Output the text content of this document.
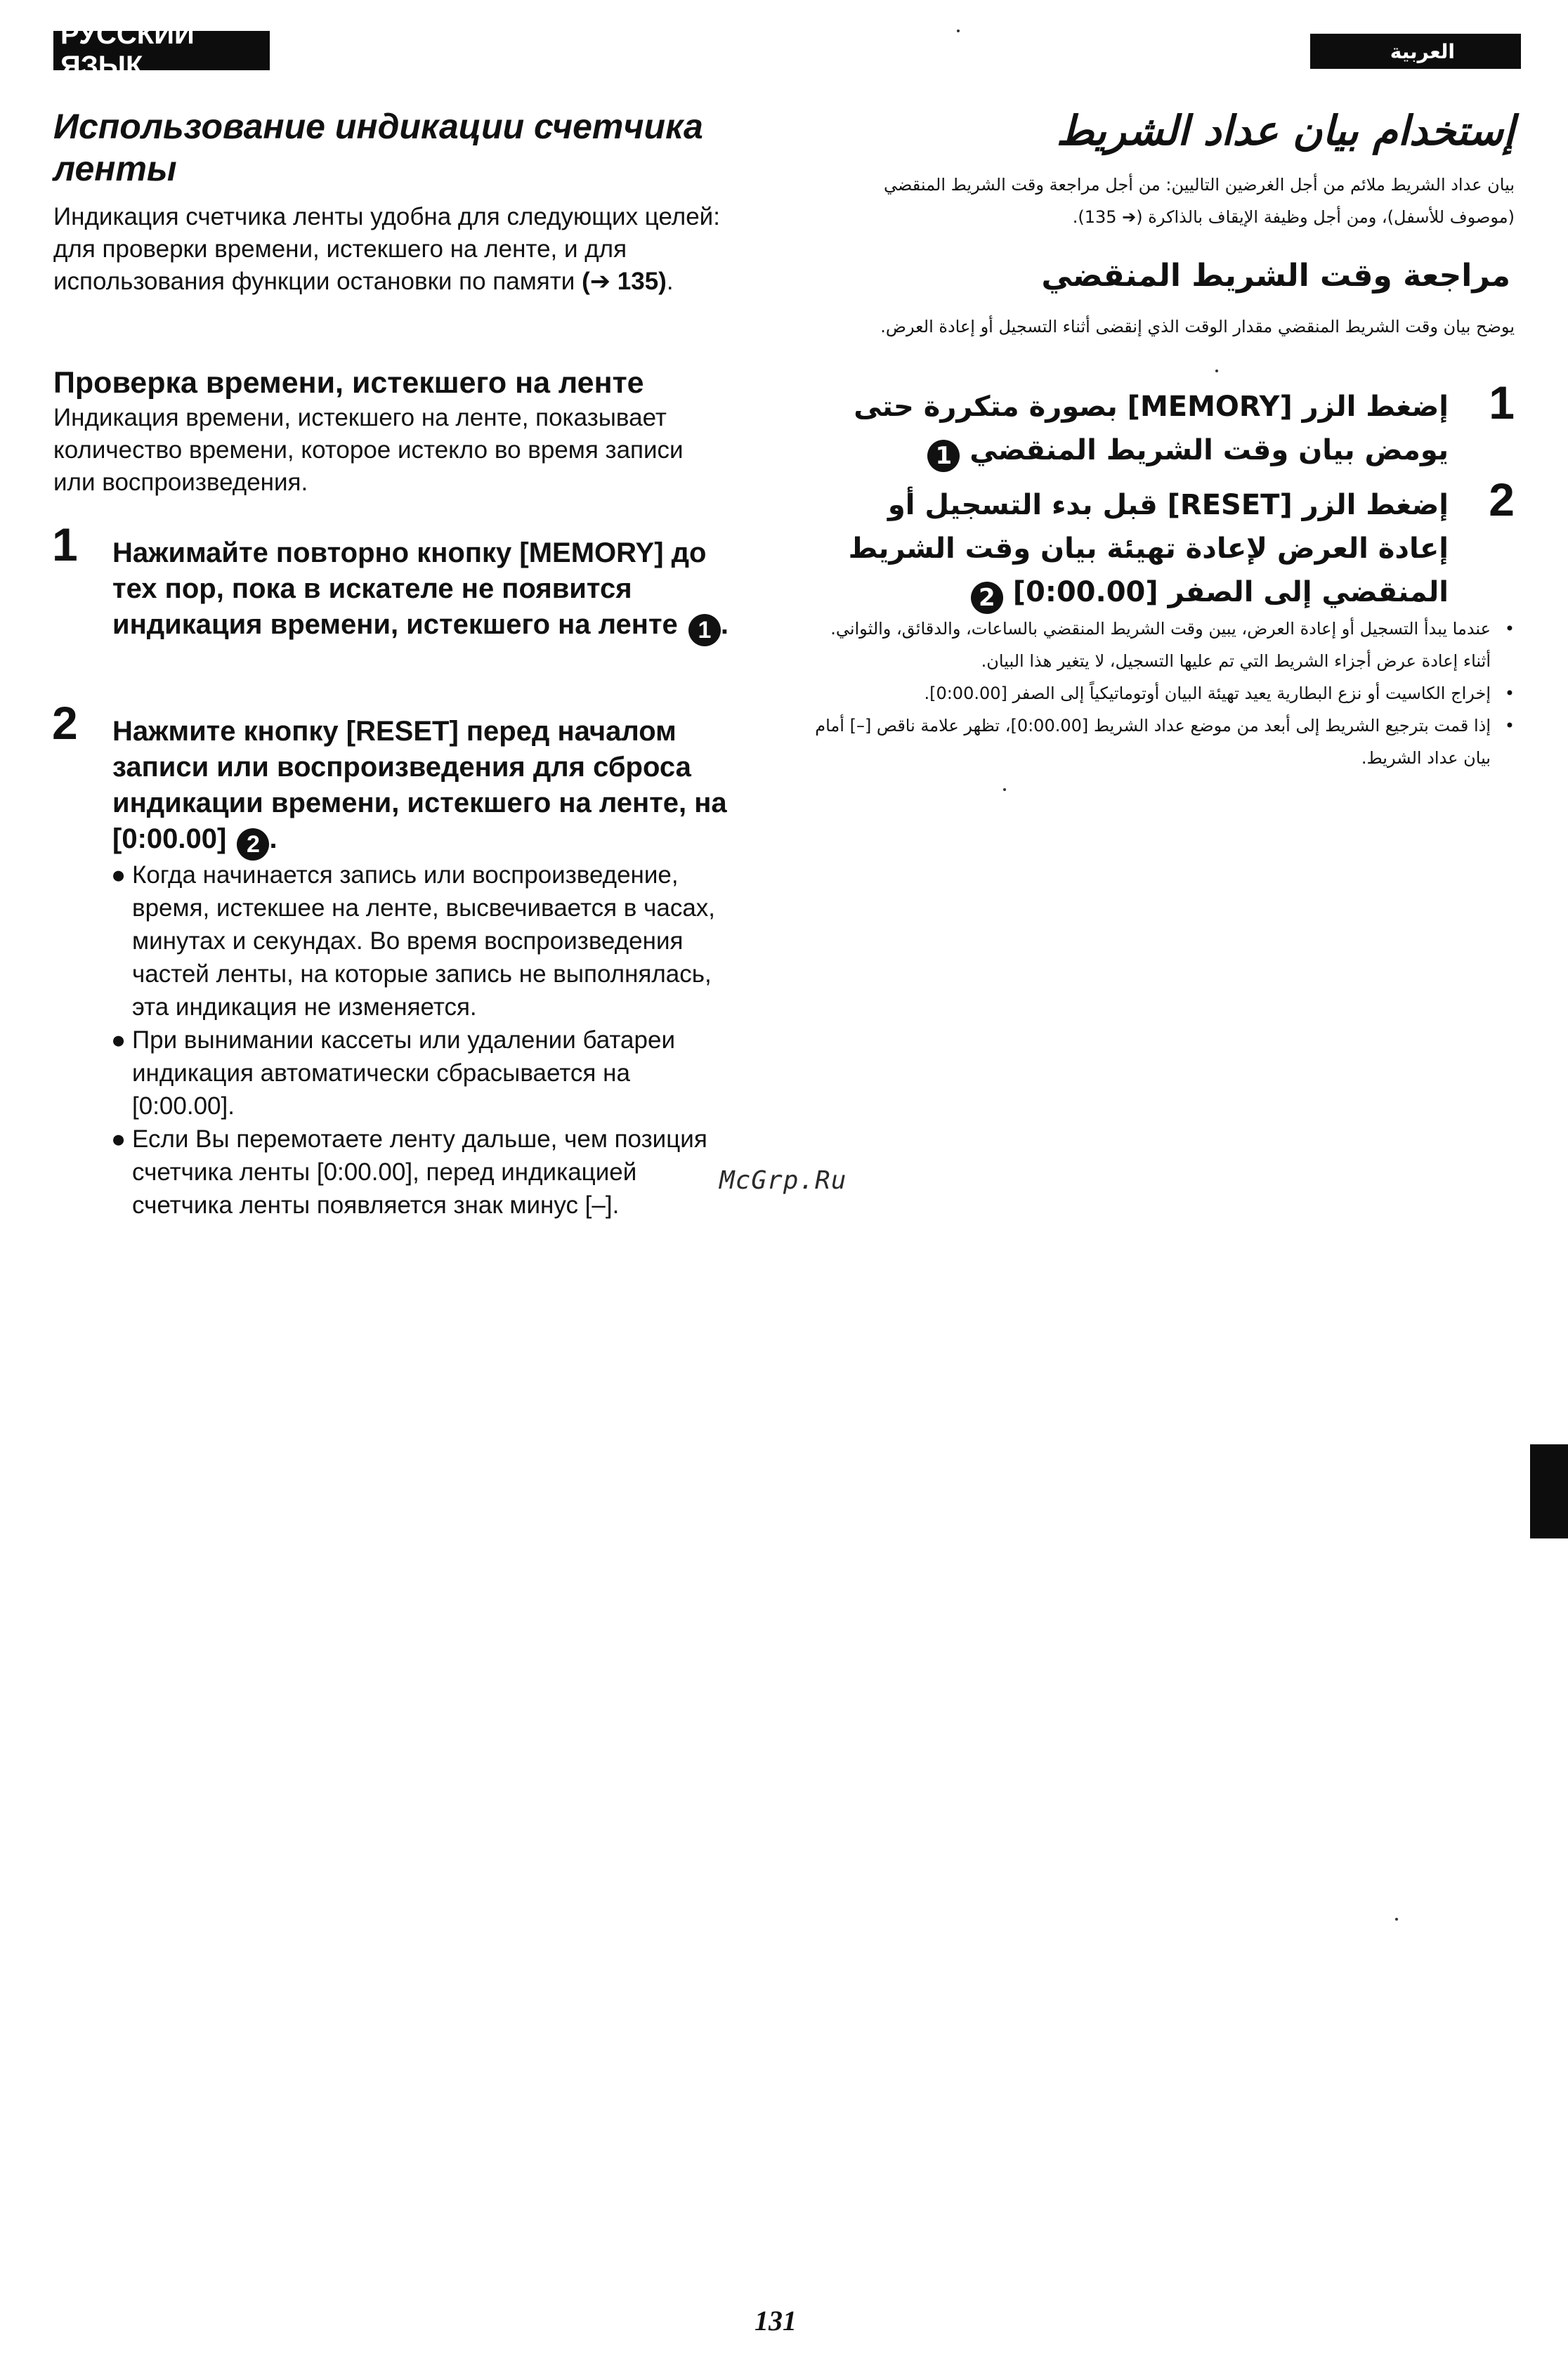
РУССКИЙ ЯЗЫК	العربية
Использование индикации счетчика ленты
Индикация счетчика ленты удобна для следующих целей: для проверки времени, истекшего на ленте, и для использования функции остановки по памяти (➔ 135).
Проверка времени, истекшего на ленте
Индикация времени, истекшего на ленте, показывает количество времени, которое истекло во время записи или воспроизведения.
1 Нажимайте повторно кнопку [MEMORY] до тех пор, пока в искателе не появится индикация времени, истекшего на ленте 1 .
2 Нажмите кнопку [RESET] перед началом записи или воспроизведения для сброса индикации времени, истекшего на ленте, на [0:00.00] 2 .
● Когда начинается запись или воспроизведение, время, истекшее на ленте, высвечивается в часах, минутах и секундах. Во время воспроизведения частей ленты, на которые запись не выполнялась, эта индикация не изменяется.
● При вынимании кассеты или удалении батареи индикация автоматически сбрасывается на [0:00.00].
● Если Вы перемотаете ленту дальше, чем позиция счетчика ленты [0:00.00], перед индикацией счетчика ленты появляется знак минус [–].
إستخدام بيان عداد الشريط
بيان عداد الشريط ملائم من أجل الغرضين التاليين: من أجل مراجعة وقت الشريط المنقضي (موصوف للأسفل)، ومن أجل وظيفة الإيقاف بالذاكرة (➔ 135).
مراجعة وقت الشريط المنقضي
يوضح بيان وقت الشريط المنقضي مقدار الوقت الذي إنقضى أثناء التسجيل أو إعادة العرض.
1
إضغط الزر [MEMORY] بصورة متكررة حتى يومض بيان وقت الشريط المنقضي 1
2
إضغط الزر [RESET] قبل بدء التسجيل أو إعادة العرض لإعادة تهيئة بيان وقت الشريط المنقضي إلى الصفر [0:00.00] 2
•
عندما يبدأ التسجيل أو إعادة العرض، يبين وقت الشريط المنقضي بالساعات، والدقائق، والثواني. أثناء إعادة عرض أجزاء الشريط التي تم عليها التسجيل، لا يتغير هذا البيان.
•
إخراج الكاسيت أو نزع البطارية يعيد تهيئة البيان أوتوماتيكياً إلى الصفر [0:00.00].
•
إذا قمت بترجيع الشريط إلى أبعد من موضع عداد الشريط [0:00.00]، تظهر علامة ناقص [–] أمام بيان عداد الشريط.
McGrp.Ru
131
